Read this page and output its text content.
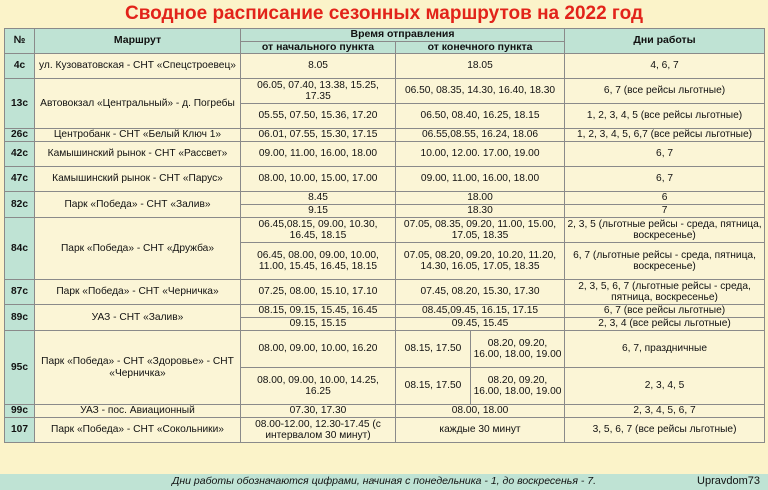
Сводное расписание сезонных маршрутов на 2022 год
№	Маршрут	Время отправления			Дни работы
		от начального пункта	от конечного пункта		
4с	ул. Кузоватовская - СНТ «Спецстроевец»	8.05	18.05		4, 6, 7
13с	Автовокзал «Центральный» - д. Погребы	06.05, 07.40, 13.38, 15.25, 17.35	06.50, 08.35, 14.30, 16.40, 18.30		6, 7 (все рейсы льготные)
		05.55, 07.50, 15.36, 17.20	06.50, 08.40, 16.25, 18.15		1, 2, 3, 4, 5 (все рейсы льготные)
26с	Центробанк - СНТ «Белый Ключ 1»	06.01, 07.55, 15.30, 17.15	06.55,08.55, 16.24, 18.06		1, 2, 3, 4, 5, 6,7 (все рейсы льготные)
42с	Камышинский рынок - СНТ «Рассвет»	09.00, 11.00, 16.00, 18.00	10.00, 12.00. 17.00, 19.00		6, 7
47с	Камышинский рынок - СНТ «Парус»	08.00, 10.00, 15.00, 17.00	09.00, 11.00, 16.00, 18.00		6, 7
82с	Парк «Победа» - СНТ «Залив»	8.45	18.00		6
		9.15	18.30		7
84с	Парк «Победа» - СНТ «Дружба»	06.45,08.15, 09.00, 10.30, 16.45, 18.15	07.05, 08.35, 09.20, 11.00, 15.00, 17.05, 18.35		2, 3, 5 (льготные рейсы - среда, пятница, воскресенье)
		06.45, 08.00, 09.00, 10.00, 11.00, 15.45, 16.45, 18.15	07.05, 08.20, 09.20, 10.20, 11.20, 14.30, 16.05, 17.05, 18.35		6, 7 (льготные рейсы - среда, пятница, воскресенье)
87с	Парк «Победа» - СНТ «Черничка»	07.25, 08.00, 15.10, 17.10	07.45, 08.20, 15.30, 17.30		2, 3, 5, 6, 7 (льготные рейсы - среда, пятница, воскресенье)
89с	УАЗ - СНТ «Залив»	08.15, 09.15, 15.45, 16.45	08.45,09.45, 16.15, 17.15		6, 7 (все рейсы льготные)
		09.15, 15.15	09.45, 15.45		2, 3, 4 (все рейсы льготные)
95с	Парк «Победа» - СНТ «Здоровье» - СНТ «Черничка»	08.00, 09.00, 10.00, 16.20	08.15, 17.50	08.20, 09.20, 16.00, 18.00, 19.00	6, 7, праздничные
		08.00, 09.00, 10.00, 14.25, 16.25	08.15, 17.50	08.20, 09.20, 16.00, 18.00, 19.00	2, 3, 4, 5
99с	УАЗ - пос. Авиационный	07.30, 17.30	08.00, 18.00		2, 3, 4, 5, 6, 7
107	Парк «Победа» - СНТ «Сокольники»	08.00-12.00, 12.30-17.45 (с интервалом 30 минут)	каждые 30 минут		3, 5, 6, 7 (все рейсы льготные)
Дни работы обозначаются цифрами, начиная с понедельника - 1, до воскресенья - 7.	Upravdom73
